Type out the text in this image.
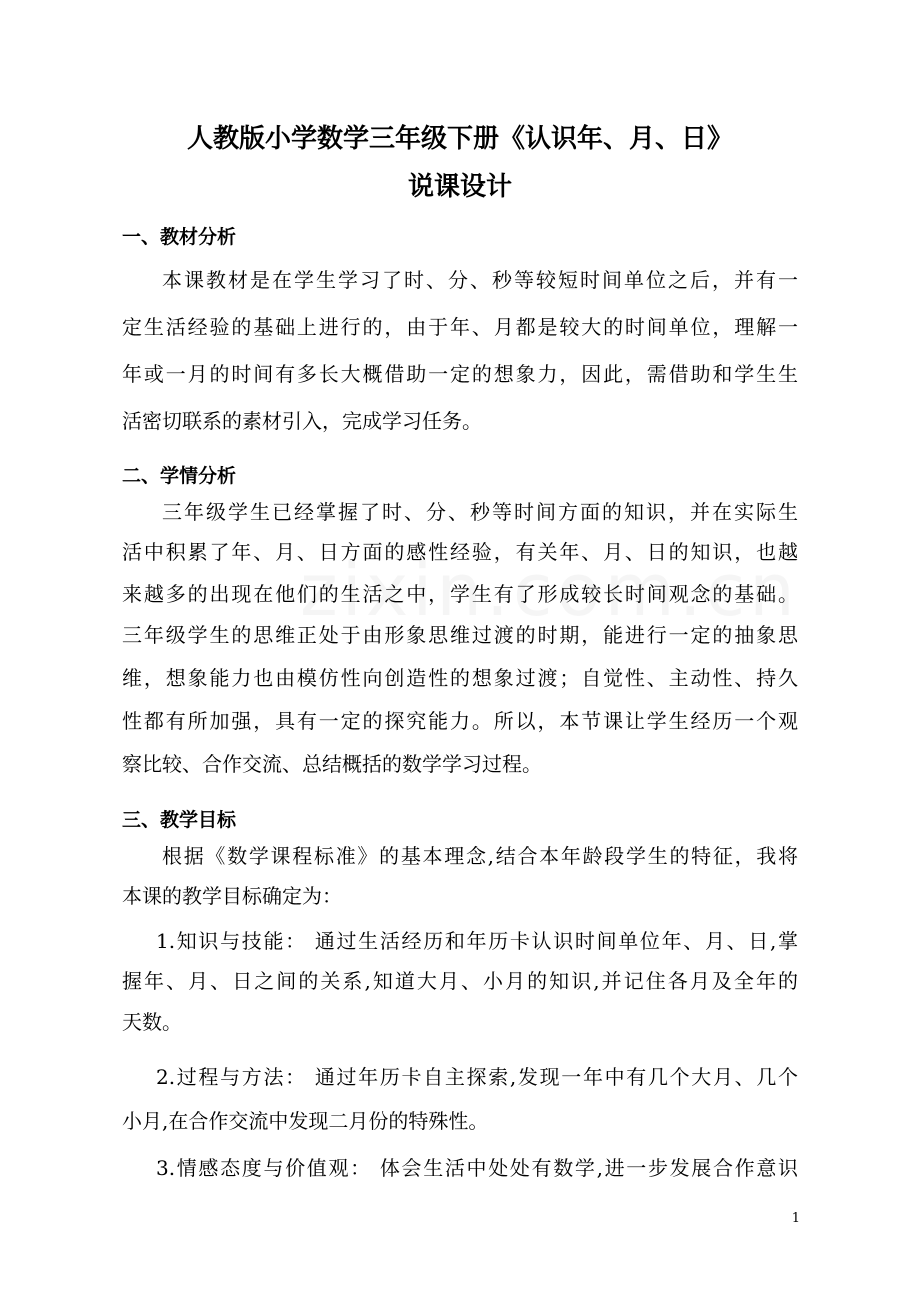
人教版小学数学三年级下册《认识年、月、日》
说课设计
一、教材分析
本课教材是在学生学习了时、分、秒等较短时间单位之后，并有一
定生活经验的基础上进行的，由于年、月都是较大的时间单位，理解一
年或一月的时间有多长大概借助一定的想象力，因此，需借助和学生生
活密切联系的素材引入，完成学习任务。
二、学情分析
三年级学生已经掌握了时、分、秒等时间方面的知识，并在实际生
活中积累了年、月、日方面的感性经验，有关年、月、日的知识，也越
来越多的出现在他们的生活之中，学生有了形成较长时间观念的基础。
三年级学生的思维正处于由形象思维过渡的时期，能进行一定的抽象思
维，想象能力也由模仿性向创造性的想象过渡；自觉性、主动性、持久
性都有所加强，具有一定的探究能力。所以，本节课让学生经历一个观
察比较、合作交流、总结概括的数学学习过程。
三、教学目标
根据《数学课程标准》的基本理念,结合本年龄段学生的特征，我将
本课的教学目标确定为：
1.知识与技能： 通过生活经历和年历卡认识时间单位年、月、日,掌
握年、月、日之间的关系,知道大月、小月的知识,并记住各月及全年的
天数。
2.过程与方法： 通过年历卡自主探索,发现一年中有几个大月、几个
小月,在合作交流中发现二月份的特殊性。
3.情感态度与价值观： 体会生活中处处有数学,进一步发展合作意识
1
